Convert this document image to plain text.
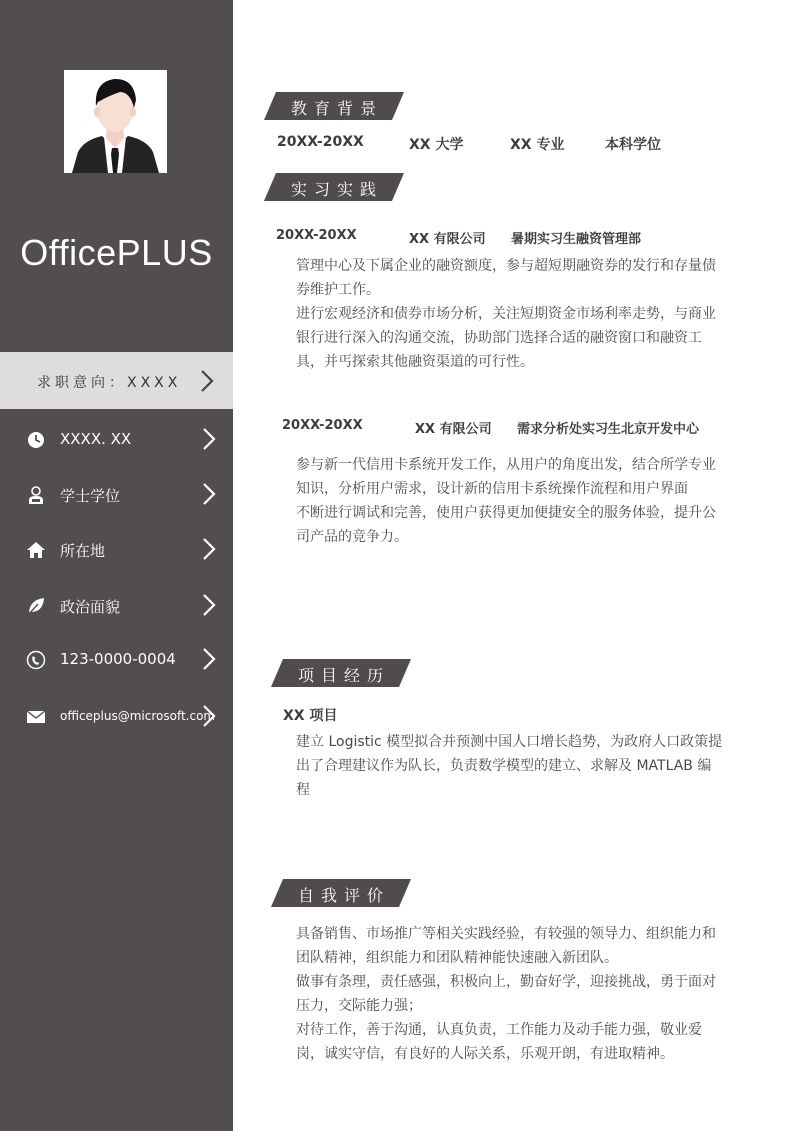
OfficePLUS
求职意向：XXXX
XXXX. XX
学士学位
所在地
政治面貌
123-0000-0004
officeplus@microsoft.com
教育背景
20XX-20XX	XX 大学	XX 专业	本科学位
实习实践
20XX-20XX	XX 有限公司 暑期实习生融资管理部
管理中心及下属企业的融资额度，参与超短期融资券的发行和存量债
券维护工作。
进行宏观经济和债券市场分析，关注短期资金市场利率走势，与商业
银行进行深入的沟通交流，协助部门选择合适的融资窗口和融资工
具，并丐探索其他融资渠道的可行性。
20XX-20XX	XX 有限公司 需求分析处实习生北京开发中心
参与新一代信用卡系统开发工作，从用户的角度出发，结合所学专业
知识，分析用户需求，设计新的信用卡系统操作流程和用户界面
不断进行调试和完善，使用户获得更加便捷安全的服务体验，提升公
司产品的竞争力。
项目经历
XX 项目
建立 Logistic 模型拟合并预测中国人口增长趋势，为政府人口政策提
出了合理建议作为队长，负责数学模型的建立、求解及 MATLAB 编
程
自我评价
具备销售、市场推广等相关实践经验，有较强的领导力、组织能力和
团队精神，组织能力和团队精神能快速融入新团队。
做事有条理，责任感强，积极向上，勤奋好学，迎接挑战，勇于面对
压力，交际能力强；
对待工作，善于沟通，认真负责，工作能力及动手能力强，敬业爱
岗，诚实守信，有良好的人际关系，乐观开朗，有进取精神。
